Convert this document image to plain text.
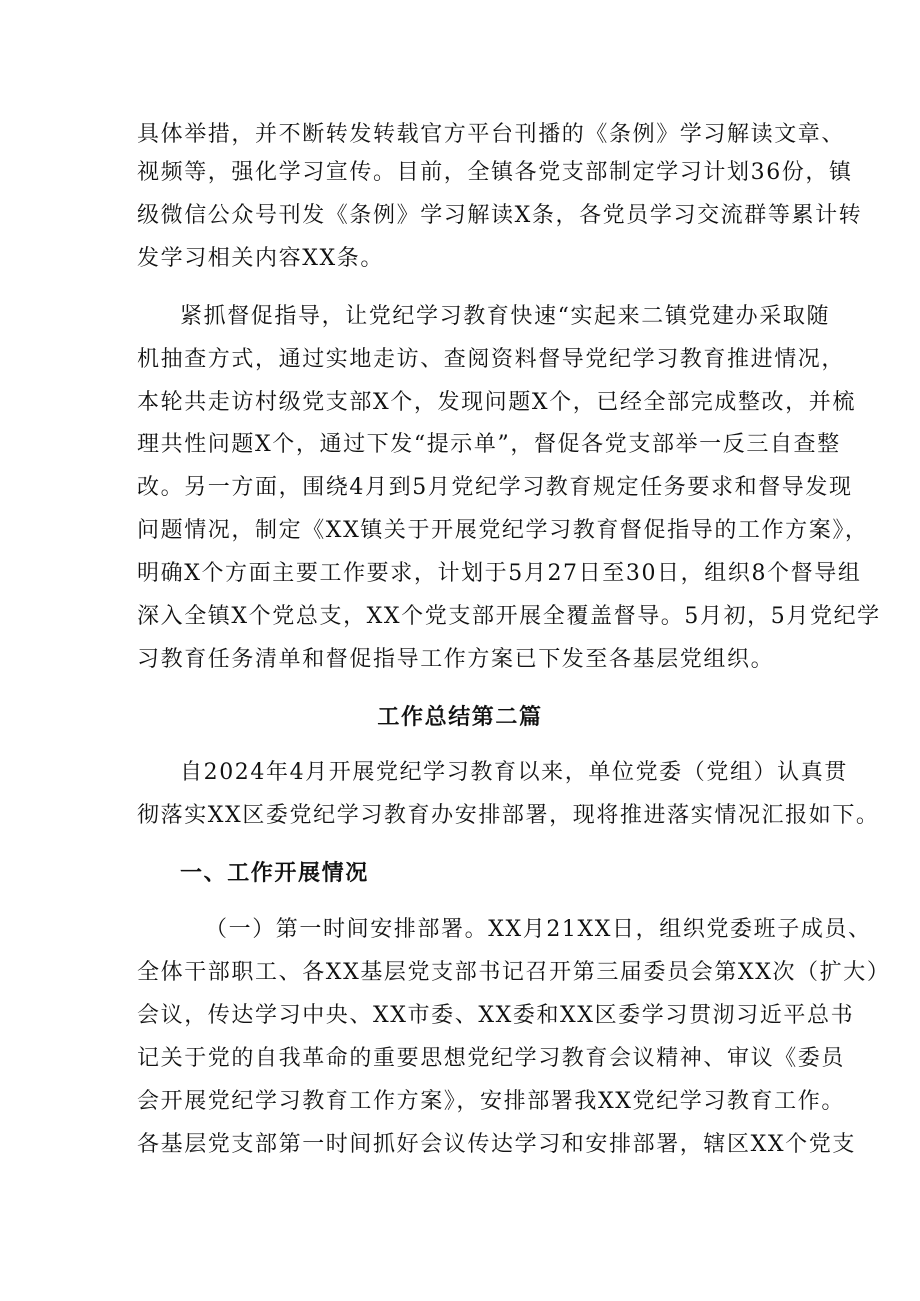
具体举措，并不断转发转载官方平台刊播的《条例》学习解读文章、
视频等，强化学习宣传。目前，全镇各党支部制定学习计划36份，镇
级微信公众号刊发《条例》学习解读X条，各党员学习交流群等累计转
发学习相关内容XX条。
紧抓督促指导，让党纪学习教育快速“实起来二镇党建办采取随
机抽查方式，通过实地走访、查阅资料督导党纪学习教育推进情况，
本轮共走访村级党支部X个，发现问题X个，已经全部完成整改，并梳
理共性问题X个，通过下发“提示单”，督促各党支部举一反三自查整
改。另一方面，围绕4月到5月党纪学习教育规定任务要求和督导发现
问题情况，制定《XX镇关于开展党纪学习教育督促指导的工作方案》，
明确X个方面主要工作要求，计划于5月27日至30日，组织8个督导组
深入全镇X个党总支，XX个党支部开展全覆盖督导。5月初，5月党纪学
习教育任务清单和督促指导工作方案已下发至各基层党组织。
工作总结第二篇
自2024年4月开展党纪学习教育以来，单位党委（党组）认真贯
彻落实XX区委党纪学习教育办安排部署，现将推进落实情况汇报如下。
一、工作开展情况
（一）第一时间安排部署。XX月21XX日，组织党委班子成员、
全体干部职工、各XX基层党支部书记召开第三届委员会第XX次（扩大）
会议，传达学习中央、XX市委、XX委和XX区委学习贯沏习近平总书
记关于党的自我革命的重要思想党纪学习教育会议精神、审议《委员
会开展党纪学习教育工作方案》，安排部署我XX党纪学习教育工作。
各基层党支部第一时间抓好会议传达学习和安排部署，辖区XX个党支
